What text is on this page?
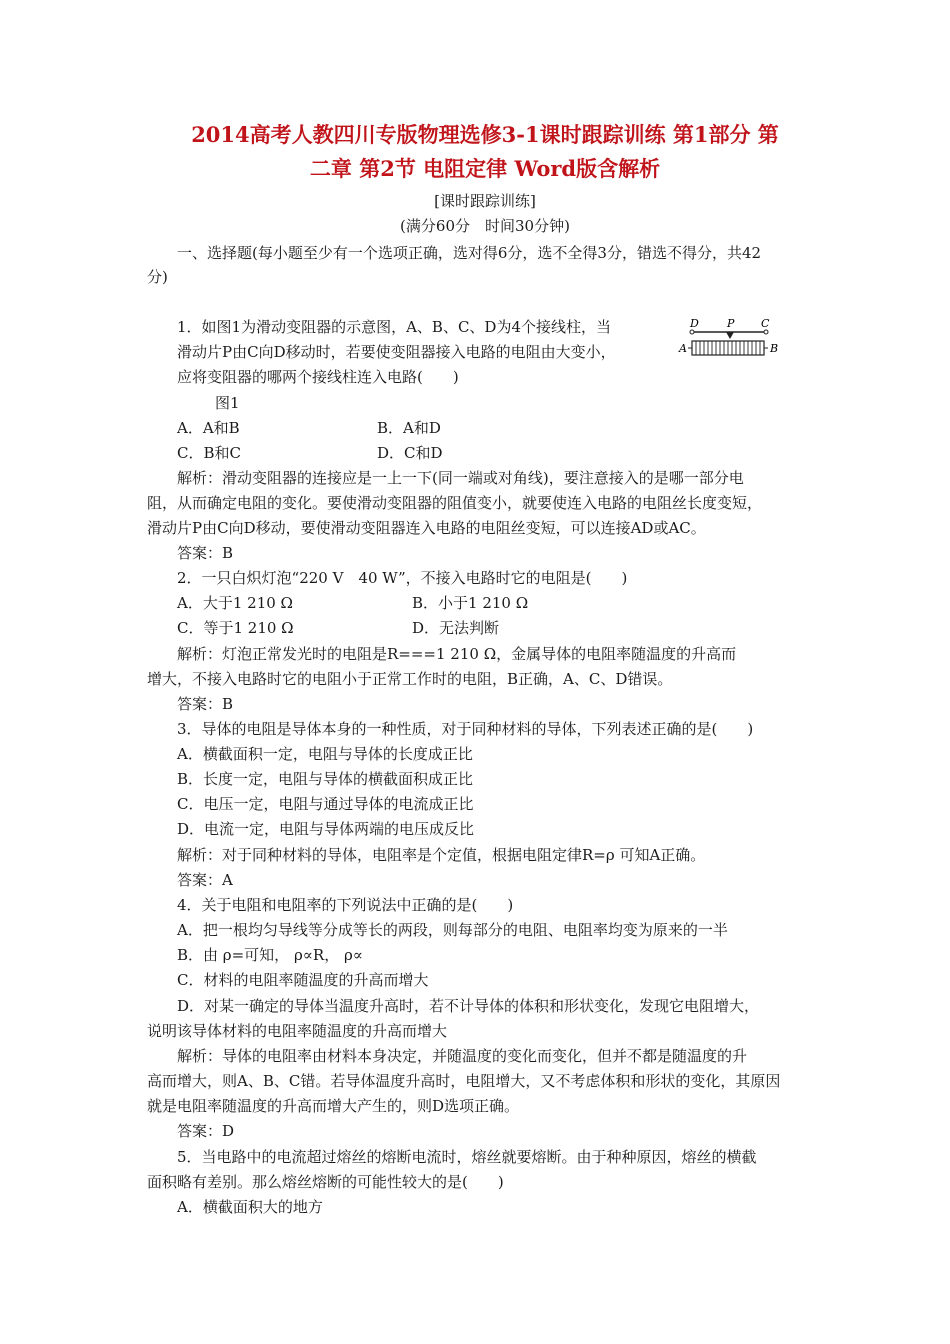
2014高考人教四川专版物理选修3-1课时跟踪训练 第1部分 第
二章 第2节 电阻定律 Word版含解析
[课时跟踪训练]
(满分60分　时间30分钟)
一、选择题(每小题至少有一个选项正确，选对得6分，选不全得3分，错选不得分，共42
分)
1．如图1为滑动变阻器的示意图，A、B、C、D为4个接线柱，当
滑动片P由C向D移动时，若要使变阻器接入电路的电阻由大变小，
应将变阻器的哪两个接线柱连入电路(　　)
D	P C
A	B
图1
A．A和B	B．A和D
C．B和C	D．C和D
解析：滑动变阻器的连接应是一上一下(同一端或对角线)，要注意接入的是哪一部分电
阻，从而确定电阻的变化。要使滑动变阻器的阻值变小，就要使连入电路的电阻丝长度变短，
滑动片P由C向D移动，要使滑动变阻器连入电路的电阻丝变短，可以连接AD或AC。
答案：B
2．一只白炽灯泡“220 V　40 W”，不接入电路时它的电阻是(　　)
A．大于1 210 Ω	B．小于1 210 Ω
C．等于1 210 Ω	D．无法判断
解析：灯泡正常发光时的电阻是R===1 210 Ω，金属导体的电阻率随温度的升高而
增大，不接入电路时它的电阻小于正常工作时的电阻，B正确，A、C、D错误。
答案：B
3．导体的电阻是导体本身的一种性质，对于同种材料的导体，下列表述正确的是(　　)
A．横截面积一定，电阻与导体的长度成正比
B．长度一定，电阻与导体的横截面积成正比
C．电压一定，电阻与通过导体的电流成正比
D．电流一定，电阻与导体两端的电压成反比
解析：对于同种材料的导体，电阻率是个定值，根据电阻定律R=ρ 可知A正确。
答案：A
4．关于电阻和电阻率的下列说法中正确的是(　　)
A．把一根均匀导线等分成等长的两段，则每部分的电阻、电阻率均变为原来的一半
B．由 ρ=可知， ρ∝R， ρ∝
C．材料的电阻率随温度的升高而增大
D．对某一确定的导体当温度升高时，若不计导体的体积和形状变化，发现它电阻增大，
说明该导体材料的电阻率随温度的升高而增大
解析：导体的电阻率由材料本身决定，并随温度的变化而变化，但并不都是随温度的升
高而增大，则A、B、C错。若导体温度升高时，电阻增大，又不考虑体积和形状的变化，其原因
就是电阻率随温度的升高而增大产生的，则D选项正确。
答案：D
5．当电路中的电流超过熔丝的熔断电流时，熔丝就要熔断。由于种种原因，熔丝的横截
面积略有差别。那么熔丝熔断的可能性较大的是(　　)
A．横截面积大的地方
